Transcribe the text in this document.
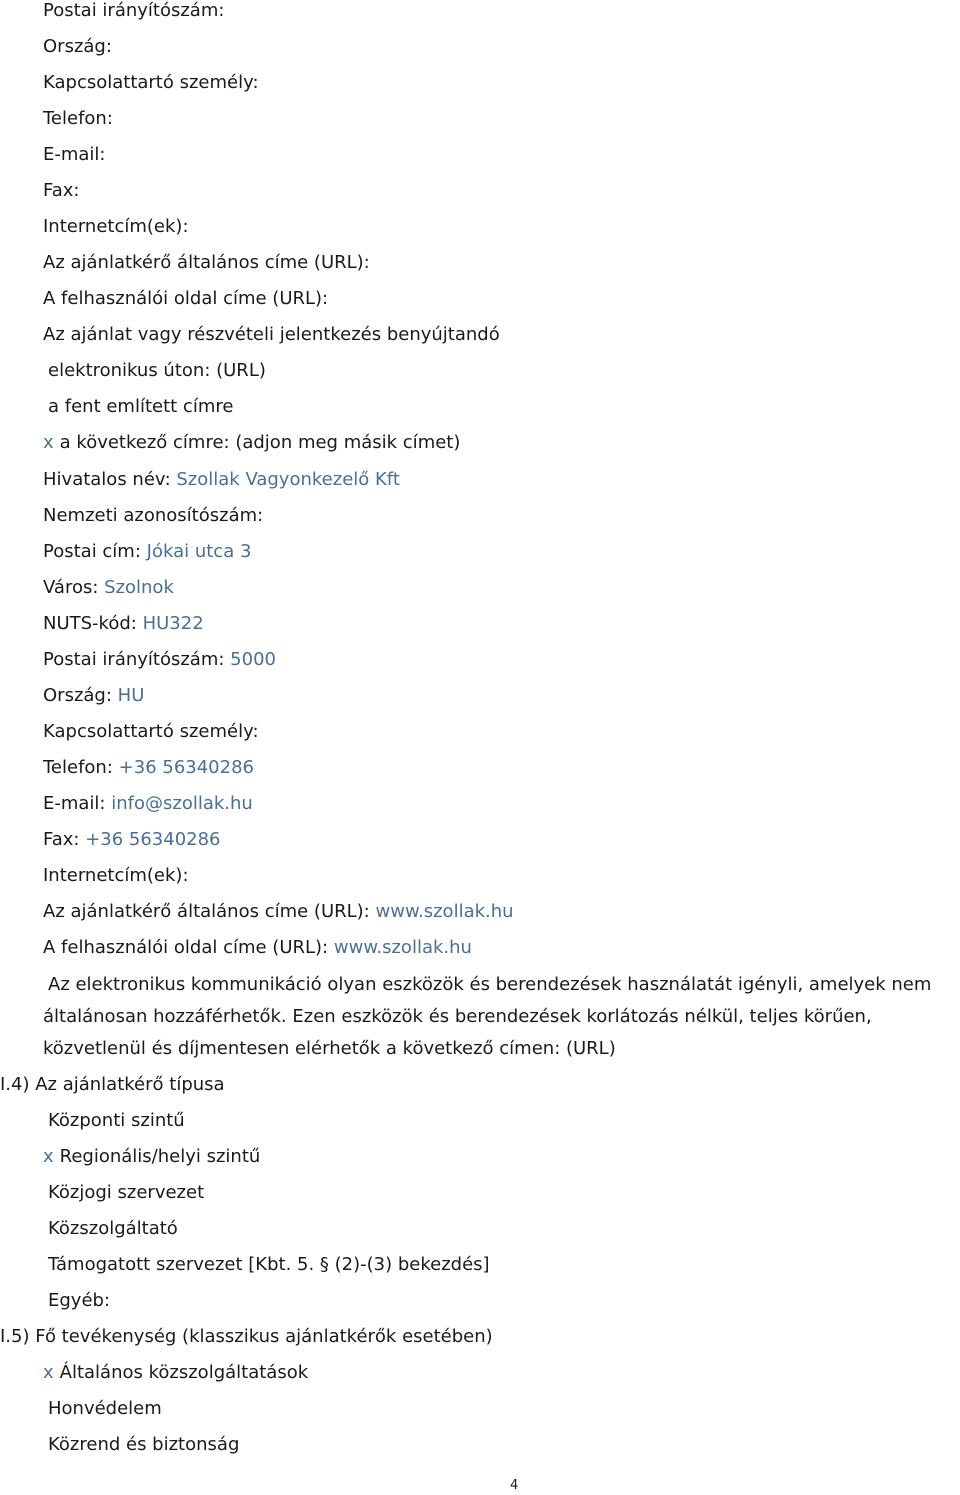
Postai irányítószám:
Ország:
Kapcsolattartó személy:
Telefon:
E-mail:
Fax:
Internetcím(ek):
Az ajánlatkérő általános címe (URL):
A felhasználói oldal címe (URL):
Az ajánlat vagy részvételi jelentkezés benyújtandó
elektronikus úton: (URL)
a fent említett címre
x a következő címre: (adjon meg másik címet)
Hivatalos név: Szollak Vagyonkezelő Kft
Nemzeti azonosítószám:
Postai cím: Jókai utca 3
Város: Szolnok
NUTS-kód: HU322
Postai irányítószám: 5000
Ország: HU
Kapcsolattartó személy:
Telefon: +36 56340286
E-mail: info@szollak.hu
Fax: +36 56340286
Internetcím(ek):
Az ajánlatkérő általános címe (URL): www.szollak.hu
A felhasználói oldal címe (URL): www.szollak.hu
Az elektronikus kommunikáció olyan eszközök és berendezések használatát igényli, amelyek nem
általánosan hozzáférhetők. Ezen eszközök és berendezések korlátozás nélkül, teljes körűen,
közvetlenül és díjmentesen elérhetők a következő címen: (URL)
I.4) Az ajánlatkérő típusa
Központi szintű
x Regionális/helyi szintű
Közjogi szervezet
Közszolgáltató
Támogatott szervezet [Kbt. 5. § (2)-(3) bekezdés]
Egyéb:
I.5) Fő tevékenység (klasszikus ajánlatkérők esetében)
x Általános közszolgáltatások
Honvédelem
Közrend és biztonság
4
